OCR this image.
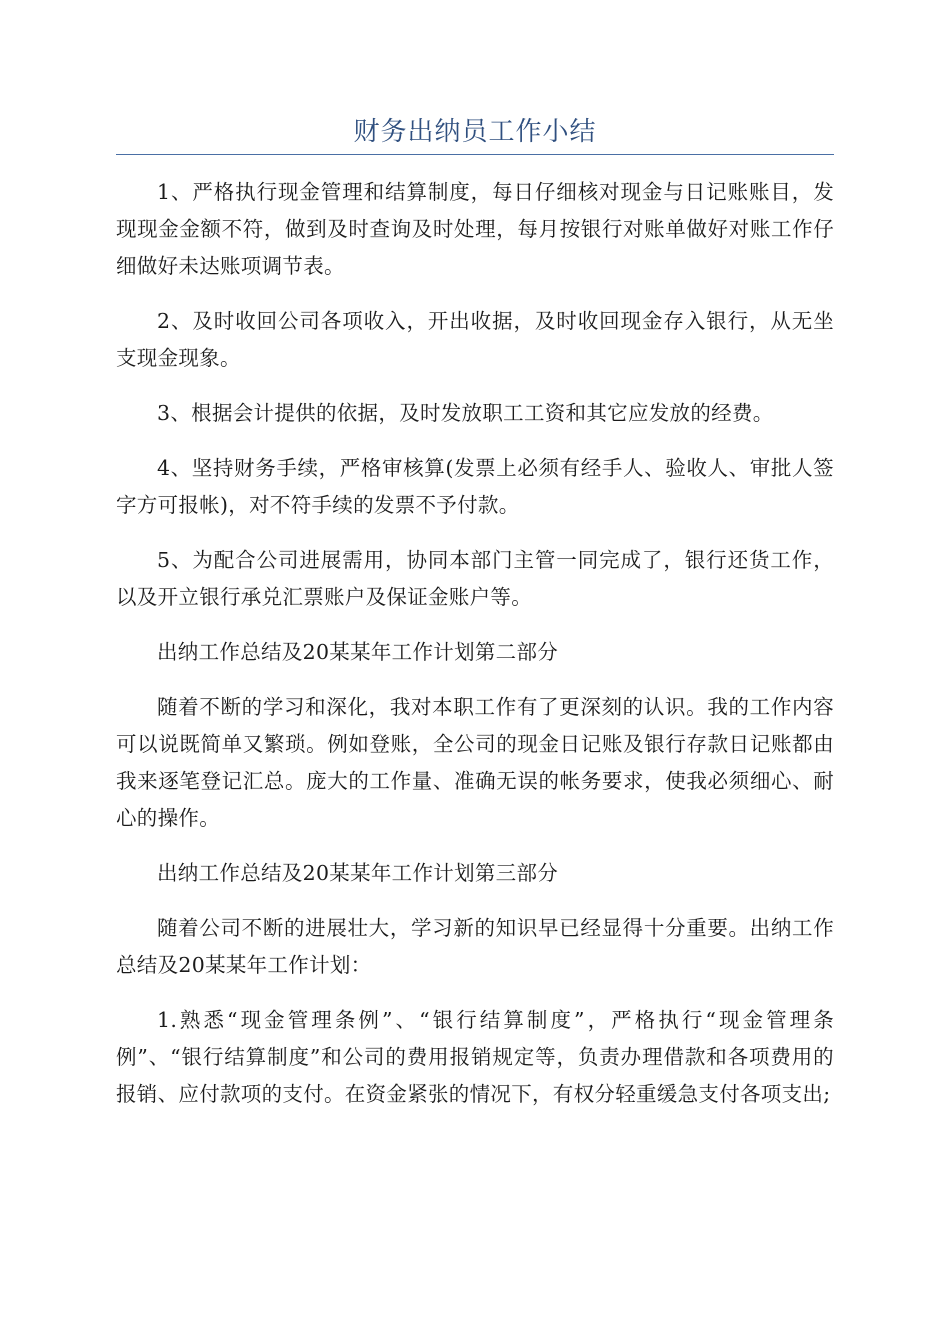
财务出纳员工作小结

1、严格执行现金管理和结算制度，每日仔细核对现金与日记账账目，发现现金金额不符，做到及时查询及时处理，每月按银行对账单做好对账工作仔细做好未达账项调节表。

2、及时收回公司各项收入，开出收据，及时收回现金存入银行，从无坐支现金现象。

3、根据会计提供的依据，及时发放职工工资和其它应发放的经费。

4、坚持财务手续，严格审核算(发票上必须有经手人、验收人、审批人签字方可报帐)，对不符手续的发票不予付款。

5、为配合公司进展需用，协同本部门主管一同完成了，银行还货工作，以及开立银行承兑汇票账户及保证金账户等。

出纳工作总结及20某某年工作计划第二部分

随着不断的学习和深化，我对本职工作有了更深刻的认识。我的工作内容可以说既简单又繁琐。例如登账，全公司的现金日记账及银行存款日记账都由我来逐笔登记汇总。庞大的工作量、准确无误的帐务要求，使我必须细心、耐心的操作。

出纳工作总结及20某某年工作计划第三部分

随着公司不断的进展壮大，学习新的知识早已经显得十分重要。出纳工作总结及20某某年工作计划：

1.熟悉“现金管理条例”、“银行结算制度”，严格执行“现金管理条例”、“银行结算制度”和公司的费用报销规定等，负责办理借款和各项费用的报销、应付款项的支付。在资金紧张的情况下，有权分轻重缓急支付各项支出;
